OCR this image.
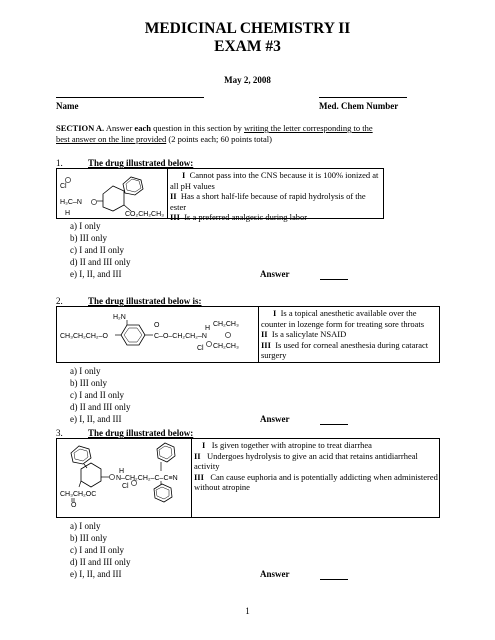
MEDICINAL CHEMISTRY II
EXAM #3
May 2, 2008
Name	Med. Chem Number
SECTION A. Answer each question in this section by writing the letter corresponding to the
best answer on the line provided (2 points each; 60 points total)
1.	The drug illustrated below:
Cl
H₃C–N
H	CO₂CH₂CH₃
I Cannot pass into the CNS because it is 100% ionized at all pH values
II Has a short half-life because of rapid hydrolysis of the ester
III Is a preferred analgesic during labor
a) I only
b) III only
c) I and II only
d) II and III only
e) I, II, and III	Answer
2.	The drug illustrated below is:
H₂N
CH₃CH₂CH₂–O
O
C–O–CH₂CH₂–N
H
CH₂CH₃
CH₂CH₃
Cl
I Is a topical anesthetic available over the counter in lozenge form for treating sore throats
II Is a salicylate NSAID
III Is used for corneal anesthesia during cataract surgery
a) I only
b) III only
c) I and II only
d) II and III only
e) I, II, and III	Answer
3.	The drug illustrated below:
H
N–CH₂CH₂–C–C≡N
Cl
CH₃CH₂OC
O
I Is given together with atropine to treat diarrhea
II Undergoes hydrolysis to give an acid that retains antidiarrheal activity
III Can cause euphoria and is potentially addicting when administered without atropine
a) I only
b) III only
c) I and II only
d) II and III only
e) I, II, and III	Answer
1
